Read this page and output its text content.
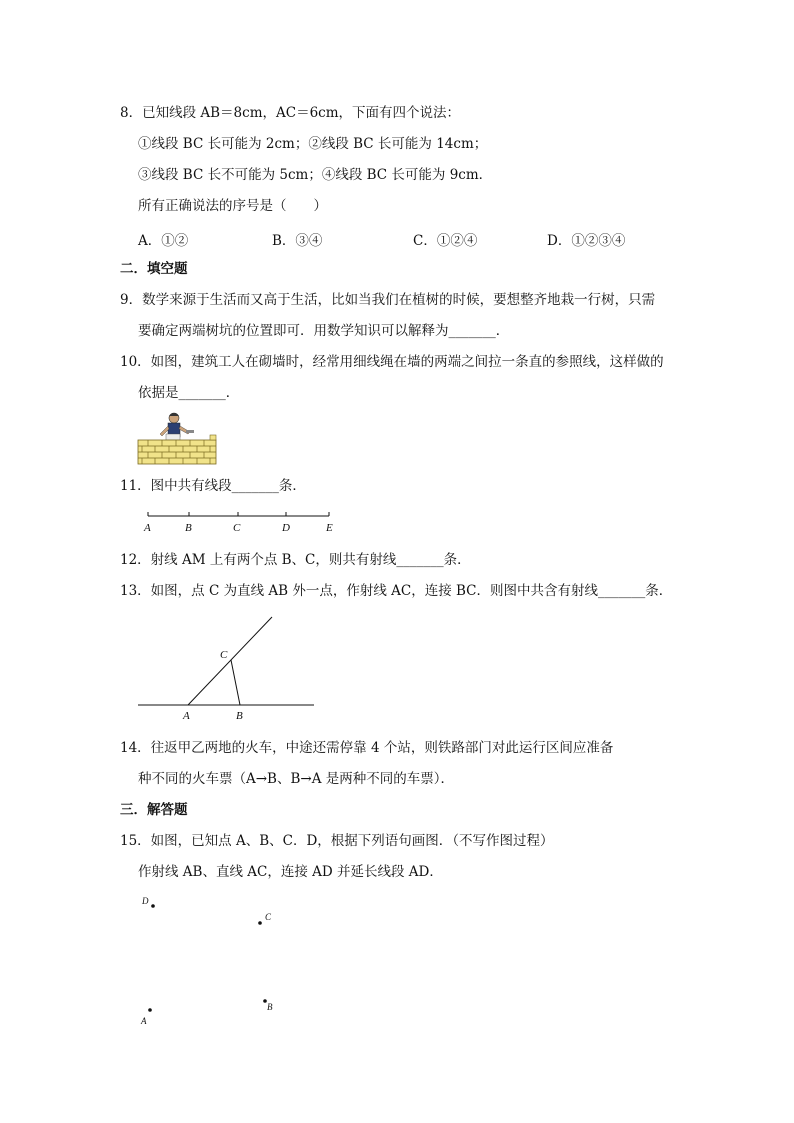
8．已知线段 AB＝8cm，AC＝6cm，下面有四个说法：
①线段 BC 长可能为 2cm；②线段 BC 长可能为 14cm；
③线段 BC 长不可能为 5cm；④线段 BC 长可能为 9cm．
所有正确说法的序号是（　　）
A．①②	B．③④	C．①②④	D．①②③④
二．填空题
9．数学来源于生活而又高于生活，比如当我们在植树的时候，要想整齐地栽一行树，只需
要确定两端树坑的位置即可．用数学知识可以解释为_______．
10．如图，建筑工人在砌墙时，经常用细线绳在墙的两端之间拉一条直的参照线，这样做的
依据是_______．
11．图中共有线段_______条．
A	B	C	D	E
12．射线 AM 上有两个点 B、C，则共有射线_______条．
13．如图，点 C 为直线 AB 外一点，作射线 AC，连接 BC．则图中共含有射线_______条．
C
A	B
14．往返甲乙两地的火车，中途还需停靠 4 个站，则铁路部门对此运行区间应准备
种不同的火车票（A→B、B→A 是两种不同的车票）．
三．解答题
15．如图，已知点 A、B、C．D，根据下列语句画图．（不写作图过程）
作射线 AB、直线 AC，连接 AD 并延长线段 AD．
D
C
A
B
